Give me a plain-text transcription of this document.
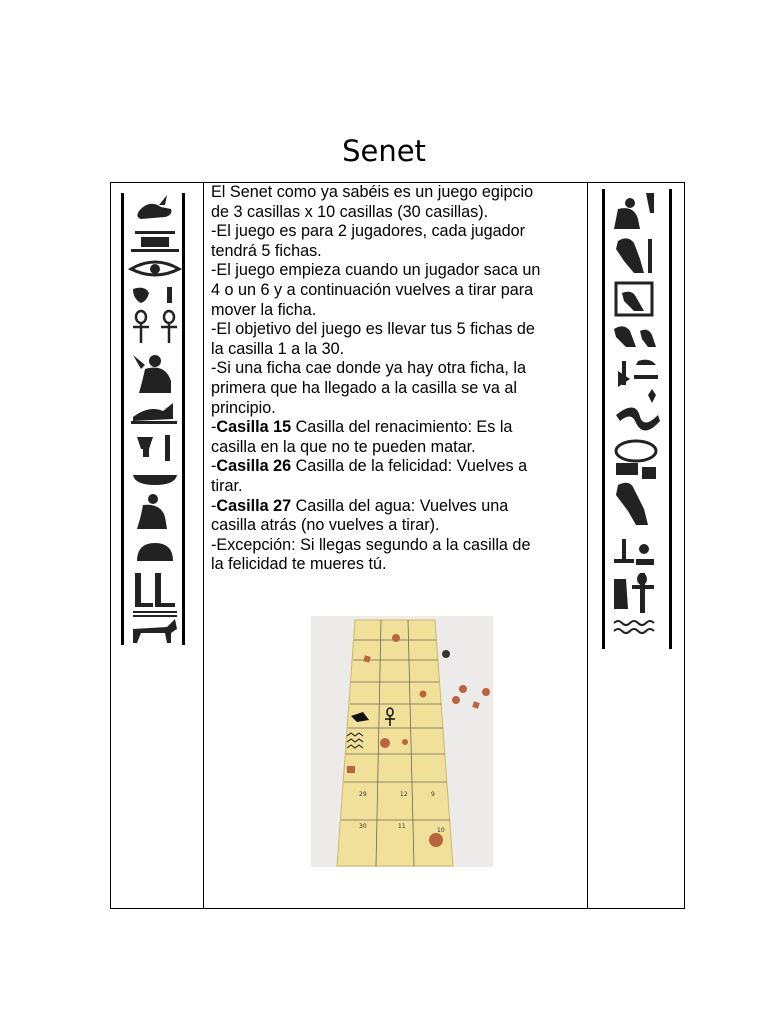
Senet

El Senet como ya sabéis es un juego egipcio

de 3 casillas x 10 casillas (30 casillas).

-El juego es para 2 jugadores, cada jugador

tendrá 5 fichas.

-El juego empieza cuando un jugador saca un

4 o un 6 y a continuación vuelves a tirar para

mover la ficha.

-El objetivo del juego es llevar tus 5 fichas de

la casilla 1 a la 30.

-Si una ficha cae donde ya hay otra ficha, la

primera que ha llegado a la casilla se va al

principio.

-Casilla 15 Casilla del renacimiento: Es la

casilla en la que no te pueden matar.

-Casilla 26 Casilla de la felicidad: Vuelves a

tirar.

-Casilla 27 Casilla del agua: Vuelves una

casilla atrás (no vuelves a tirar).

-Excepción: Si llegas segundo a la casilla de

la felicidad te mueres tú.

29	12	9
30	11
10
